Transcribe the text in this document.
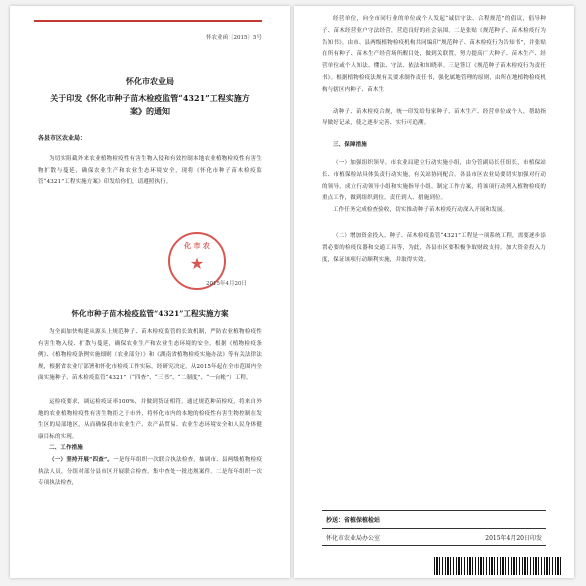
怀农业函〔2015〕5号
怀化市农业局
关于印发《怀化市种子苗木检疫监管“4321”工程实施方案》的通知
各县市区农业局：
为切实阻截外来农业植物检疫性有害生物入侵和有效控制本地农业植物检疫性有害生物扩散与蔓延，确保农业生产和农业生态环境安全，现将《怀化市种子苗木检疫监管“4321”工程实施方案》印发给你们，请遵照执行。
化 市 农
★
2015年4月20日
怀化市种子苗木检疫监管“4321”工程实施方案

为全面加快构建从源头上规范种子、苗木检疫监管的长效机制，严防农业植物检疫性有害生物入侵、扩散与蔓延，确保农业生产和农业生态环境的安全，根据《植物检疫条例》、《植物检疫条例实施细则（农业部分）》和《湖南省植物检疫实施办法》等有关法律法规，根据省农业厅部署和怀化市检疫工作实际，经研究决定，从2015年起在全市范围内全面实施种子、苗木检疫监管“4321”（“四查”、“三书”、“二制度”、“一台帐”）工程。

运检疫要求，调运检疫证率100%，并做到货证相符。通过规范种苗检疫，将来自外地的农业植物检疫性有害生物拒之于市外，将怀化市内的本地的检疫性有害生物控制在发生区的局部地区，从而确保我市农业生产、农产品贸易、农业生态环境安全和人民身体健康目标的实现。

二、工作措施

（一）坚持开展“四查”。一是每年组织一次联合执法检查，抽调市、县两级植物检疫执法人员，分组对部分县市区开展联合检查，集中查处一批违规案件。二是每年组织一次专项执法检查，

经营单位，向全市同行业的单位或个人发起“诚信守法、合程规范”的倡议，倡导种子、苗木经营业户守法经营，营造良好的社会氛围。二是张贴《规范种子、苗木检疫行为告知书》。由市、县两级植物检疫机构共同编印“规范种子、苗木检疫行为告知书”，并张贴在所有种子、苗木生产经营场所醒目处，做到关联置，努力提高广大种子、苗木生产、经营单位或个人知法、懂法、守法、依法和知晓率。三是签订《规范种子苗木检疫行为责任书》。根据植物检疫法规有关要求制作责任书，强化属地管理的原则，由所在地植物检疫机构与辖区内种子、苗木生

动种子、苗木检疫合规，统一印发给每家种子、苗木生产、经营单位或个人，帮助指导做好记录，使之逐步完善、实行可追溯。

三、保障措施

（一）加强组织领导。市农业局建立行动实施小组，由分管副局长任组长，市植保站长、市植保检站具体负责行动实施，有关站协同配合。各县市区农业局要切实加强对行动的领导，成立行动领导小组和实施指导小组，制定工作方案，将该项行动列入植物检疫的重点工作，做到组织到位，责任到人、措施到位。

工作任务完成检查验收，切实推动种子苗木检疫行动深入开展和发展。

（二）增加资金投入。种子、苗木检疫监管“4321”工程是一项系统工程，需要逐步添置必要的检疫仪器和交通工具等，为此，各县市区要积极争取财政支持，加大资金投入力度，保证该项行动顺利实施，并取得实效。

抄送：省植保植检站
怀化市农业局办公室	2015年4月20日印发
